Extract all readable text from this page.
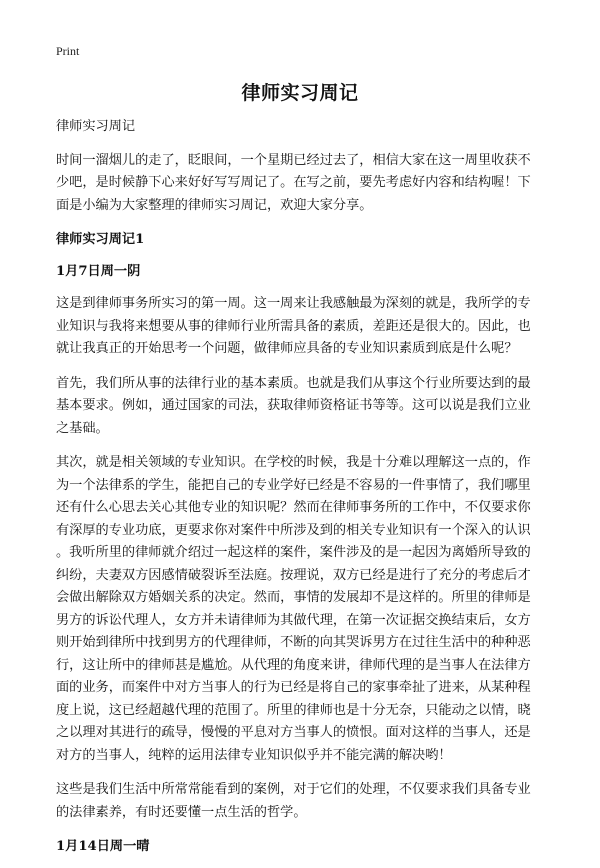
Print
律师实习周记
律师实习周记

时间一溜烟儿的走了，眨眼间，一个星期已经过去了，相信大家在这一周里收获不
少吧，是时候静下心来好好写写周记了。在写之前，要先考虑好内容和结构喔！下
面是小编为大家整理的律师实习周记，欢迎大家分享。

律师实习周记1
1月7日周一阴

这是到律师事务所实习的第一周。这一周来让我感触最为深刻的就是，我所学的专
业知识与我将来想要从事的律师行业所需具备的素质，差距还是很大的。因此，也
就让我真正的开始思考一个问题，做律师应具备的专业知识素质到底是什么呢？

首先，我们所从事的法律行业的基本素质。也就是我们从事这个行业所要达到的最
基本要求。例如，通过国家的司法，获取律师资格证书等等。这可以说是我们立业
之基础。

其次，就是相关领域的专业知识。在学校的时候，我是十分难以理解这一点的，作
为一个法律系的学生，能把自己的专业学好已经是不容易的一件事情了，我们哪里
还有什么心思去关心其他专业的知识呢？然而在律师事务所的工作中，不仅要求你
有深厚的专业功底，更要求你对案件中所涉及到的相关专业知识有一个深入的认识
。我听所里的律师就介绍过一起这样的案件，案件涉及的是一起因为离婚所导致的
纠纷，夫妻双方因感情破裂诉至法庭。按理说，双方已经是进行了充分的考虑后才
会做出解除双方婚姻关系的决定。然而，事情的发展却不是这样的。所里的律师是
男方的诉讼代理人，女方并未请律师为其做代理，在第一次证据交换结束后，女方
则开始到律所中找到男方的代理律师，不断的向其哭诉男方在过往生活中的种种恶
行，这让所中的律师甚是尴尬。从代理的角度来讲，律师代理的是当事人在法律方
面的业务，而案件中对方当事人的行为已经是将自己的家事牵扯了进来，从某种程
度上说，这已经超越代理的范围了。所里的律师也是十分无奈，只能动之以情，晓
之以理对其进行的疏导，慢慢的平息对方当事人的愤恨。面对这样的当事人，还是
对方的当事人，纯粹的运用法律专业知识似乎并不能完满的解决哟！

这些是我们生活中所常常能看到的案例，对于它们的处理，不仅要求我们具备专业
的法律素养，有时还要懂一点生活的哲学。

1月14日周一晴
